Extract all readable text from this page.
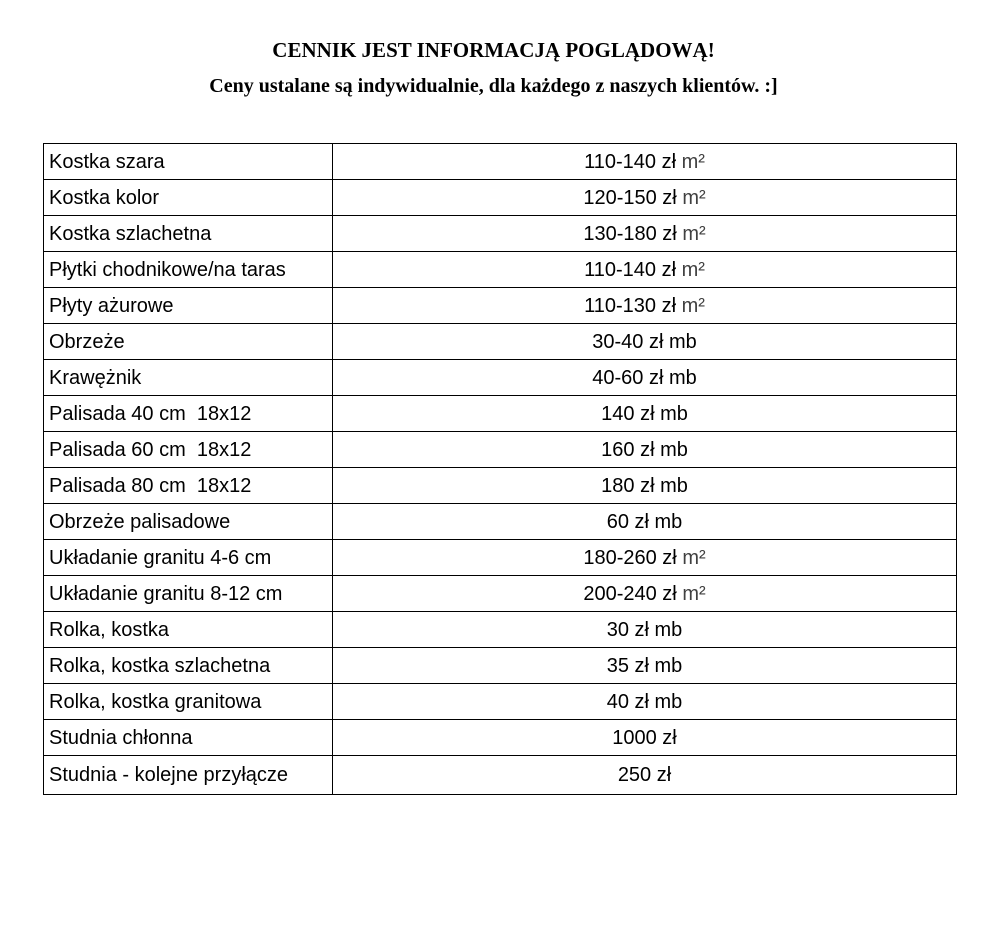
CENNIK JEST INFORMACJĄ POGLĄDOWĄ!
Ceny ustalane są indywidualnie, dla każdego z naszych klientów. :]
Kostka szara	110-140 zł m²
Kostka kolor	120-150 zł m²
Kostka szlachetna	130-180 zł m²
Płytki chodnikowe/na taras	110-140 zł m²
Płyty ażurowe	110-130 zł m²
Obrzeże	30-40 zł mb
Krawężnik	40-60 zł mb
Palisada 40 cm  18x12	140 zł mb
Palisada 60 cm  18x12	160 zł mb
Palisada 80 cm  18x12	180 zł mb
Obrzeże palisadowe	60 zł mb
Układanie granitu 4-6 cm	180-260 zł m²
Układanie granitu 8-12 cm	200-240 zł m²
Rolka, kostka	30 zł mb
Rolka, kostka szlachetna	35 zł mb
Rolka, kostka granitowa	40 zł mb
Studnia chłonna	1000 zł
Studnia - kolejne przyłącze	250 zł
